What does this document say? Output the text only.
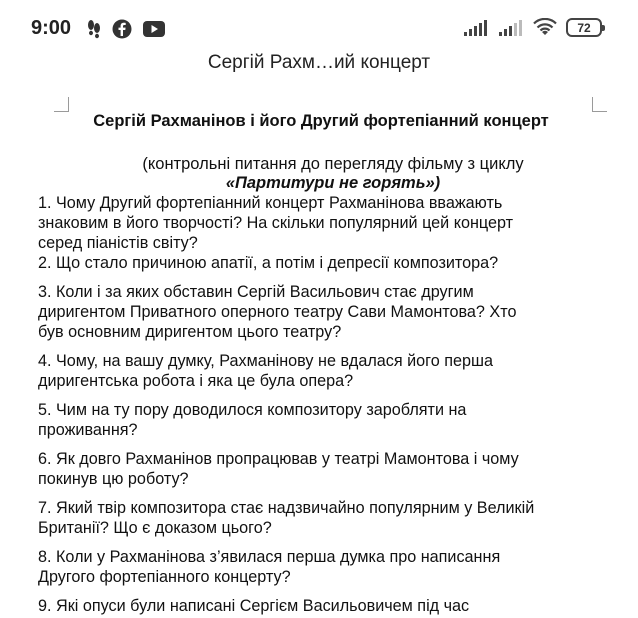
9:00	72
Сергій Рахм…ий концерт
Сергій Рахманінов і його Другий фортепіанний концерт
(контрольні питання до перегляду фільму з циклу
«Партитури не горять»)
1. Чому Другий фортепіанний концерт Рахманінова вважають
знаковим в його творчості? На скільки популярний цей концерт
серед піаністів світу?
2. Що стало причиною апатії, а потім і депресії композитора?
3. Коли і за яких обставин Сергій Васильович стає другим
диригентом Приватного оперного театру Сави Мамонтова? Хто
був основним диригентом цього театру?
4. Чому, на вашу думку, Рахманінову не вдалася його перша
диригентська робота і яка це була опера?
5. Чим на ту пору доводилося композитору заробляти на
проживання?
6. Як довго Рахманінов пропрацював у театрі Мамонтова і чому
покинув цю роботу?
7. Який твір композитора стає надзвичайно популярним у Великій
Британії? Що є доказом цього?
8. Коли у Рахманінова з’явилася перша думка про написання
Другого фортепіанного концерту?
9. Які опуси були написані Сергієм Васильовичем під час
